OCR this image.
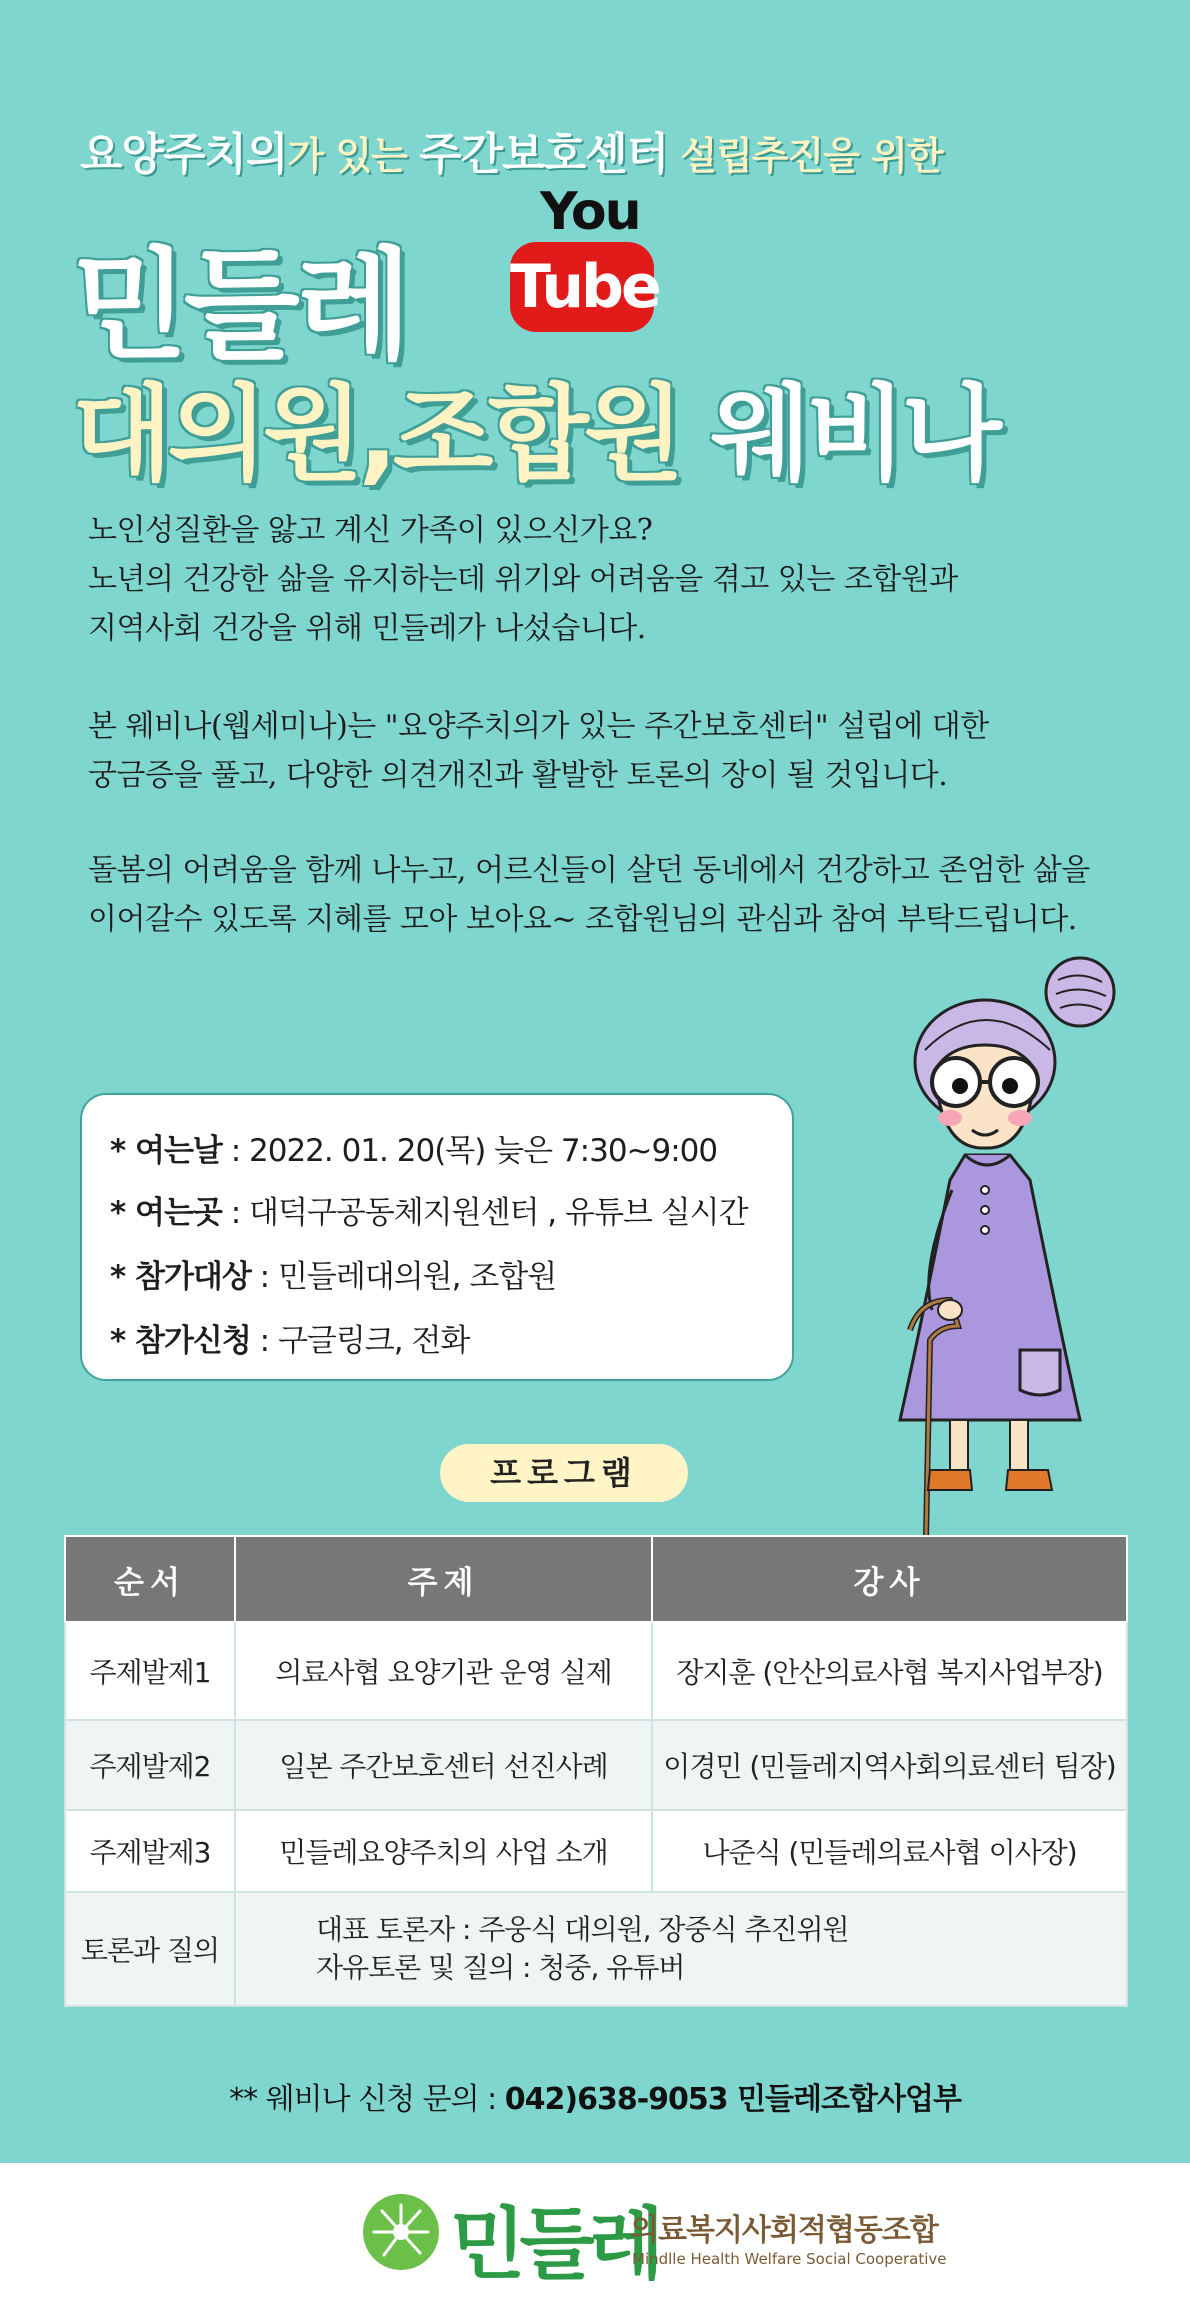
요양주치의가 있는 주간보호센터 설립추진을 위한
민들레
You
Tube
대의원,조합원 웨비나
노인성질환을 앓고 계신 가족이 있으신가요?
노년의 건강한 삶을 유지하는데 위기와 어려움을 겪고 있는 조합원과
지역사회 건강을 위해 민들레가 나섰습니다.
본 웨비나(웹세미나)는 "요양주치의가 있는 주간보호센터" 설립에 대한
궁금증을 풀고, 다양한 의견개진과 활발한 토론의 장이 될 것입니다.
돌봄의 어려움을 함께 나누고, 어르신들이 살던 동네에서 건강하고 존엄한 삶을
이어갈수 있도록 지혜를 모아 보아요~ 조합원님의 관심과 참여 부탁드립니다.
* 여는날 : 2022. 01. 20(목) 늦은 7:30~9:00
* 여는곳 : 대덕구공동체지원센터 , 유튜브 실시간
* 참가대상 : 민들레대의원, 조합원
* 참가신청 : 구글링크, 전화
프로그램
순서	주제	강사
주제발제1	의료사협 요양기관 운영 실제	장지훈 (안산의료사협 복지사업부장)
주제발제2	일본 주간보호센터 선진사례	이경민 (민들레지역사회의료센터 팀장)
주제발제3	민들레요양주치의 사업 소개	나준식 (민들레의료사협 이사장)
토론과 질의	대표 토론자 : 주웅식 대의원, 장중식 추진위원
자유토론 및 질의 : 청중, 유튜버	
** 웨비나 신청 문의 : 042)638-9053 민들레조합사업부
민들레
의료복지사회적협동조합
Mindlle Health Welfare Social Cooperative
